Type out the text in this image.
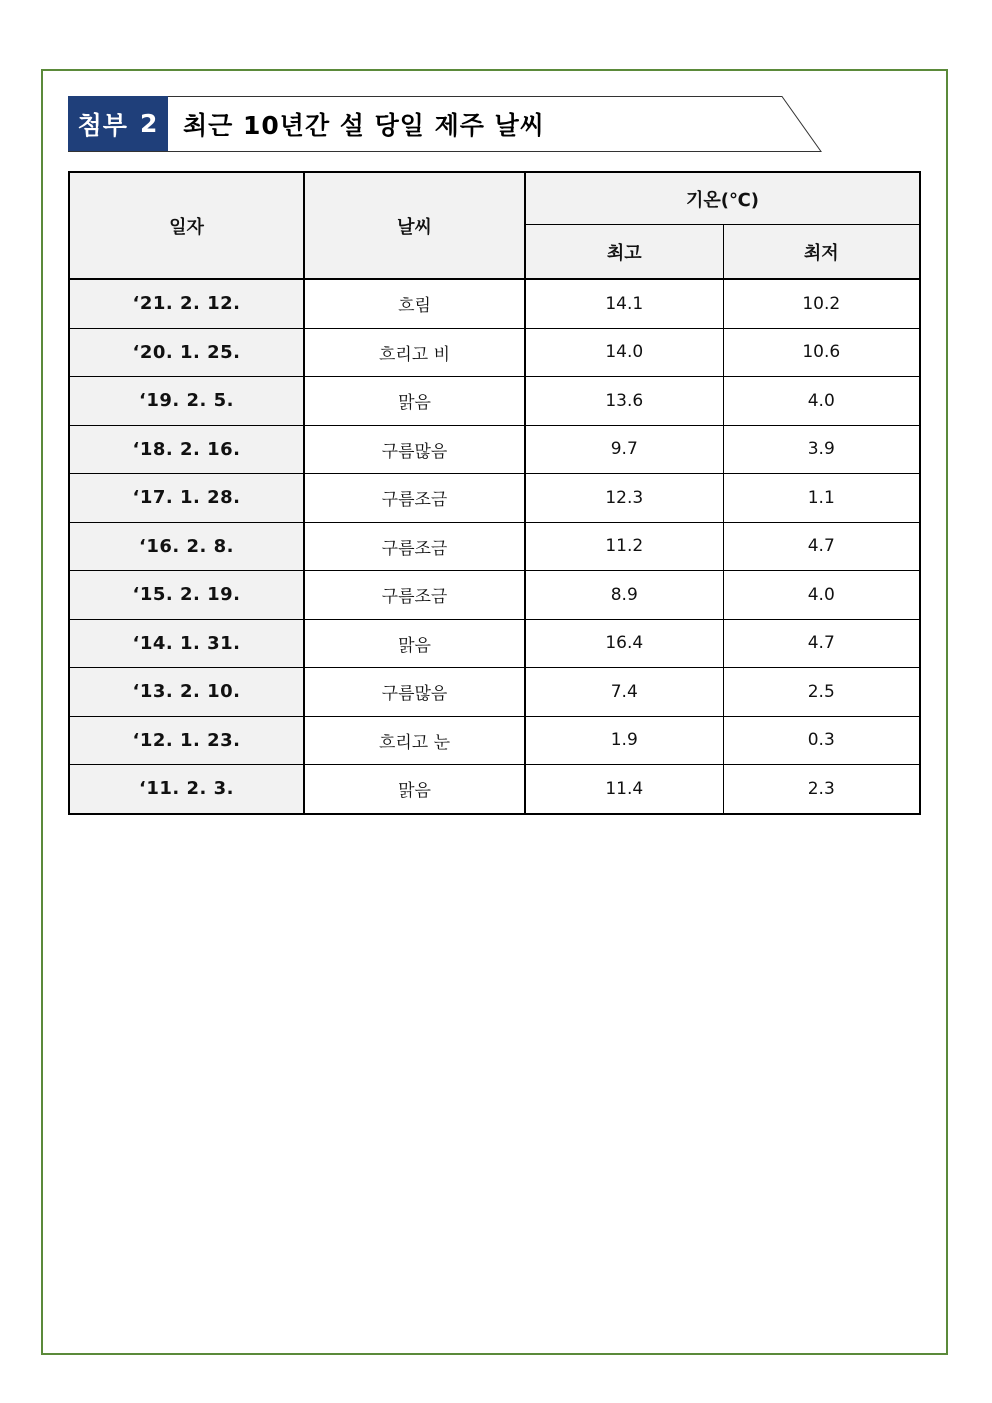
첨부 2 최근 10년간 설 당일 제주 날씨
일자	날씨	기온(℃)	
		최고	최저
‘21. 2. 12.	흐림	14.1	10.2
‘20. 1. 25.	흐리고 비	14.0	10.6
‘19. 2. 5.	맑음	13.6	4.0
‘18. 2. 16.	구름많음	9.7	3.9
‘17. 1. 28.	구름조금	12.3	1.1
‘16. 2. 8.	구름조금	11.2	4.7
‘15. 2. 19.	구름조금	8.9	4.0
‘14. 1. 31.	맑음	16.4	4.7
‘13. 2. 10.	구름많음	7.4	2.5
‘12. 1. 23.	흐리고 눈	1.9	0.3
‘11. 2. 3.	맑음	11.4	2.3
